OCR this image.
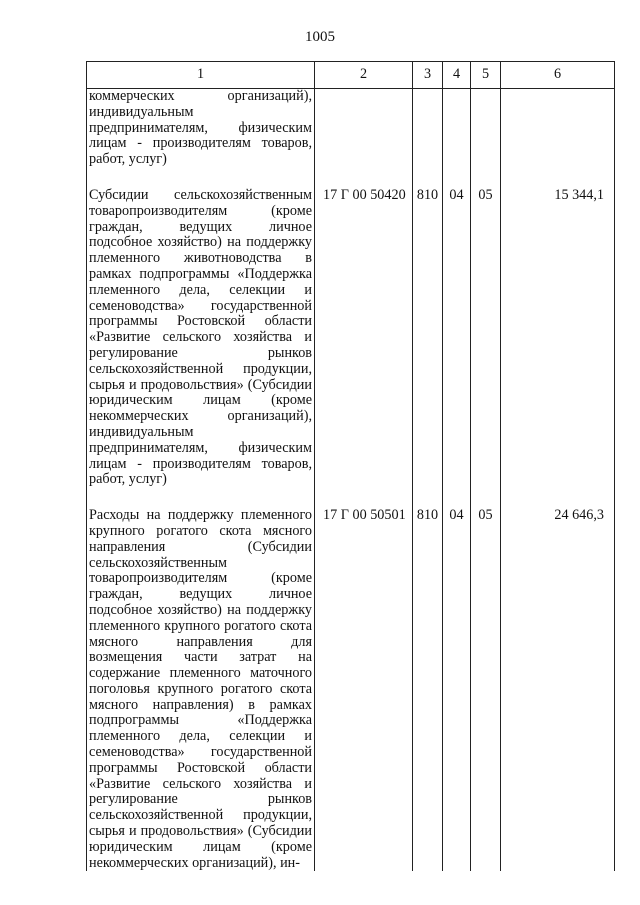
1005
1	2	3	4	5	6
коммерческих организаций), индивидуальным предпринимателям, физическим лицам - производителям товаров, работ, услуг)					

Субсидии сельскохозяйственным товаропроизводителям (кроме граждан, ведущих личное подсобное хозяйство) на поддержку племенного животноводства в рамках подпрограммы «Поддержка племенного дела, селекции и семеноводства» государственной программы Ростовской области «Развитие сельского хозяйства и регулирование рынков сельскохозяйственной продукции, сырья и продовольствия» (Субсидии юридическим лицам (кроме некоммерческих организаций), индивидуальным предпринимателям, физическим лицам - производителям товаров, работ, услуг)	17 Г 00 50420	810	04	05	15 344,1

Расходы на поддержку племенного крупного рогатого скота мясного направления (Субсидии сельскохозяйственным товаропроизводителям (кроме граждан, ведущих личное подсобное хозяйство) на поддержку племенного крупного рогатого скота мясного направления для возмещения части затрат на содержание племенного маточного поголовья крупного рогатого скота мясного направления) в рамках подпрограммы «Поддержка племенного дела, селекции и семеноводства» государственной программы Ростовской области «Развитие сельского хозяйства и регулирование рынков сельскохозяйственной продукции, сырья и продовольствия» (Субсидии юридическим лицам (кроме некоммерческих организаций), ин-	17 Г 00 50501	810	04	05	24 646,3
